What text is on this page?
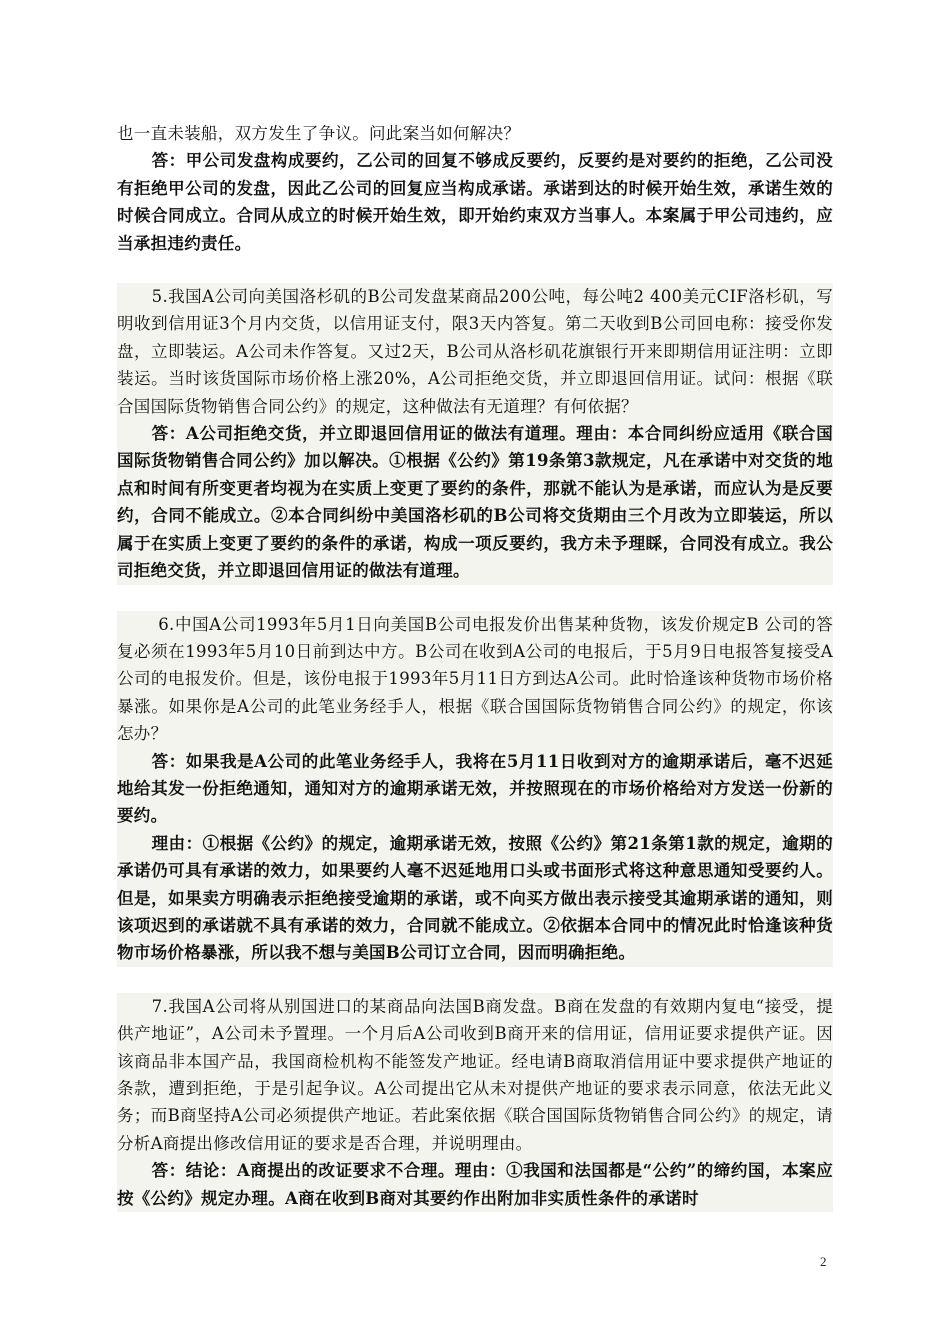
也一直未装船，双方发生了争议。问此案当如何解决？

答：甲公司发盘构成要约，乙公司的回复不够成反要约，反要约是对要约的拒绝，乙公司没有拒绝甲公司的发盘，因此乙公司的回复应当构成承诺。承诺到达的时候开始生效，承诺生效的时候合同成立。合同从成立的时候开始生效，即开始约束双方当事人。本案属于甲公司违约，应当承担违约责任。

5.我国A公司向美国洛杉矶的B公司发盘某商品200公吨，每公吨2 400美元CIF洛杉矶，写明收到信用证3个月内交货，以信用证支付，限3天内答复。第二天收到B公司回电称：接受你发盘，立即装运。A公司未作答复。又过2天，B公司从洛杉矶花旗银行开来即期信用证注明：立即装运。当时该货国际市场价格上涨20%，A公司拒绝交货，并立即退回信用证。试问：根据《联合国国际货物销售合同公约》的规定，这种做法有无道理？有何依据？

答：A公司拒绝交货，并立即退回信用证的做法有道理。理由：本合同纠纷应适用《联合国国际货物销售合同公约》加以解决。①根据《公约》第19条第3款规定，凡在承诺中对交货的地点和时间有所变更者均视为在实质上变更了要约的条件，那就不能认为是承诺，而应认为是反要约，合同不能成立。②本合同纠纷中美国洛杉矶的B公司将交货期由三个月改为立即装运，所以属于在实质上变更了要约的条件的承诺，构成一项反要约，我方未予理睬，合同没有成立。我公司拒绝交货，并立即退回信用证的做法有道理。

6.中国A公司1993年5月1日向美国B公司电报发价出售某种货物，该发价规定B 公司的答复必须在1993年5月10日前到达中方。B公司在收到A公司的电报后，于5月9日电报答复接受A公司的电报发价。但是，该份电报于1993年5月11日方到达A公司。此时恰逢该种货物市场价格暴涨。如果你是A公司的此笔业务经手人，根据《联合国国际货物销售合同公约》的规定，你该怎办？

答：如果我是A公司的此笔业务经手人，我将在5月11日收到对方的逾期承诺后，毫不迟延地给其发一份拒绝通知，通知对方的逾期承诺无效，并按照现在的市场价格给对方发送一份新的要约。

理由：①根据《公约》的规定，逾期承诺无效，按照《公约》第21条第1款的规定，逾期的承诺仍可具有承诺的效力，如果要约人毫不迟延地用口头或书面形式将这种意思通知受要约人。但是，如果卖方明确表示拒绝接受逾期的承诺，或不向买方做出表示接受其逾期承诺的通知，则该项迟到的承诺就不具有承诺的效力，合同就不能成立。②依据本合同中的情况此时恰逢该种货物市场价格暴涨，所以我不想与美国B公司订立合同，因而明确拒绝。

7.我国A公司将从别国进口的某商品向法国B商发盘。B商在发盘的有效期内复电“接受，提供产地证”，A公司未予置理。一个月后A公司收到B商开来的信用证，信用证要求提供产证。因该商品非本国产品，我国商检机构不能签发产地证。经电请B商取消信用证中要求提供产地证的条款，遭到拒绝，于是引起争议。A公司提出它从未对提供产地证的要求表示同意，依法无此义务；而B商坚持A公司必须提供产地证。若此案依据《联合国国际货物销售合同公约》的规定，请分析A商提出修改信用证的要求是否合理，并说明理由。

答：结论：A商提出的改证要求不合理。理由：①我国和法国都是“公约”的缔约国，本案应按《公约》规定办理。A商在收到B商对其要约作出附加非实质性条件的承诺时

2
